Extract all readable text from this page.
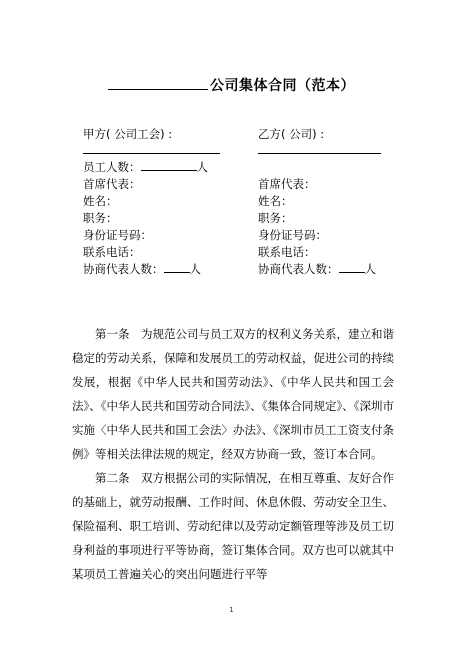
公司集体合同（范本）
甲方( 公司工会) :
员工人数：	人
首席代表：
姓名：
职务：
身份证号码：
联系电话：
协商代表人数： 人
乙方( 公司) :
首席代表：
姓名：
职务：
身份证号码：
联系电话：
协商代表人数： 人

第一条　为规范公司与员工双方的权利义务关系，建立和谐稳定的劳动关系，保障和发展员工的劳动权益，促进公司的持续发展，根据《中华人民共和国劳动法》、《中华人民共和国工会法》、《中华人民共和国劳动合同法》、《集体合同规定》、《深圳市实施〈中华人民共和国工会法〉办法》、《深圳市员工工资支付条例》等相关法律法规的规定，经双方协商一致，签订本合同。

第二条　双方根据公司的实际情况，在相互尊重、友好合作的基础上，就劳动报酬、工作时间、休息休假、劳动安全卫生、保险福利、职工培训、劳动纪律以及劳动定额管理等涉及员工切身利益的事项进行平等协商，签订集体合同。双方也可以就其中某项员工普遍关心的突出问题进行平等

1
